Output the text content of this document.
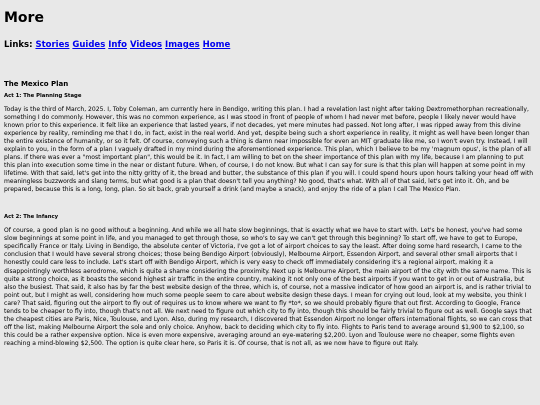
More
Links: Stories Guides Info Videos Images Home
The Mexico Plan
Act 1: The Planning Stage

Today is the third of March, 2025. I, Toby Coleman, am currently here in Bendigo, writing this plan. I had a revelation last night after taking Dextromethorphan recreationally, something I do commonly. However, this was no common experience, as I was stood in front of people of whom I had never met before, people I likely never would have known prior to this experience. It felt like an experience that lasted years, if not decades, yet mere minutes had passed. Not long after, I was ripped away from this divine experience by reality, reminding me that I do, in fact, exist in the real world. And yet, despite being such a short experience in reality, it might as well have been longer than the entire existence of humanity, or so it felt. Of course, conveying such a thing is damn near impossible for even an MIT graduate like me, so I won't even try. Instead, I will explain to you, in the form of a plan I vaguely drafted in my mind during the aforementioned experience. This plan, which I believe to be my 'magnum opus', is the plan of all plans. If there was ever a "most important plan", this would be it. In fact, I am willing to bet on the sheer importance of this plan with my life, because I am planning to put this plan into execution some time in the near or distant future. When, of course, I do not know. But what I can say for sure is that this plan will happen at some point in my lifetime. With that said, let's get into the nitty gritty of it, the bread and butter, the substance of this plan if you will. I could spend hours upon hours talking your head off with meaningless buzzwords and slang terms, but what good is a plan that doesn't tell you anything? No good, that's what. With all of that said, let's get into it. Oh, and be prepared, because this is a long, long, plan. So sit back, grab yourself a drink (and maybe a snack), and enjoy the ride of a plan I call The Mexico Plan.

Act 2: The Infancy

Of course, a good plan is no good without a beginning. And while we all hate slow beginnings, that is exactly what we have to start with. Let's be honest, you've had some slow beginnings at some point in life, and you managed to get through those, so who's to say we can't get through this beginning? To start off, we have to get to Europe, specifically France or Italy. Living in Bendigo, the absolute center of Victoria, I've got a lot of airport choices to say the least. After doing some hard research, I came to the conclusion that I would have several strong choices; those being Bendigo Airport (obviously), Melbourne Airport, Essendon Airport, and several other small airports that I honestly could care less to include. Let's start off with Bendigo Airport, which is very easy to check off immediately considering it's a regional airport, making it a disappointingly worthless aerodrome, which is quite a shame considering the proximity. Next up is Melbourne Airport, the main airport of the city with the same name. This is quite a strong choice, as it boasts the second highest air traffic in the entire country, making it not only one of the best airports if you want to get in or out of Australia, but also the busiest. That said, it also has by far the best website design of the three, which is, of course, not a massive indicator of how good an airport is, and is rather trivial to point out, but I might as well, considering how much some people seem to care about website design these days. I mean for crying out loud, look at my website, you think I care? That said, figuring out the airport to fly out of requires us to know where we want to fly *to*, so we should probably figure that out first. According to Google, France tends to be cheaper to fly into, though that's not all. We next need to figure out which city to fly into, though this should be fairly trivial to figure out as well. Google says that the cheapest cities are Paris, Nice, Toulouse, and Lyon. Also, during my research, I discovered that Essendon Airport no longer offers international flights, so we can cross that off the list, making Melbourne Airport the sole and only choice. Anyhow, back to deciding which city to fly into. Flights to Paris tend to average around $1,900 to $2,100, so this could be a rather expensive option. Nice is even more expensive, averaging around an eye-watering $2,200. Lyon and Toulouse were no cheaper, some flights even reaching a mind-blowing $2,500. The option is quite clear here, so Paris it is. Of course, that is not all, as we now have to figure out Italy.
